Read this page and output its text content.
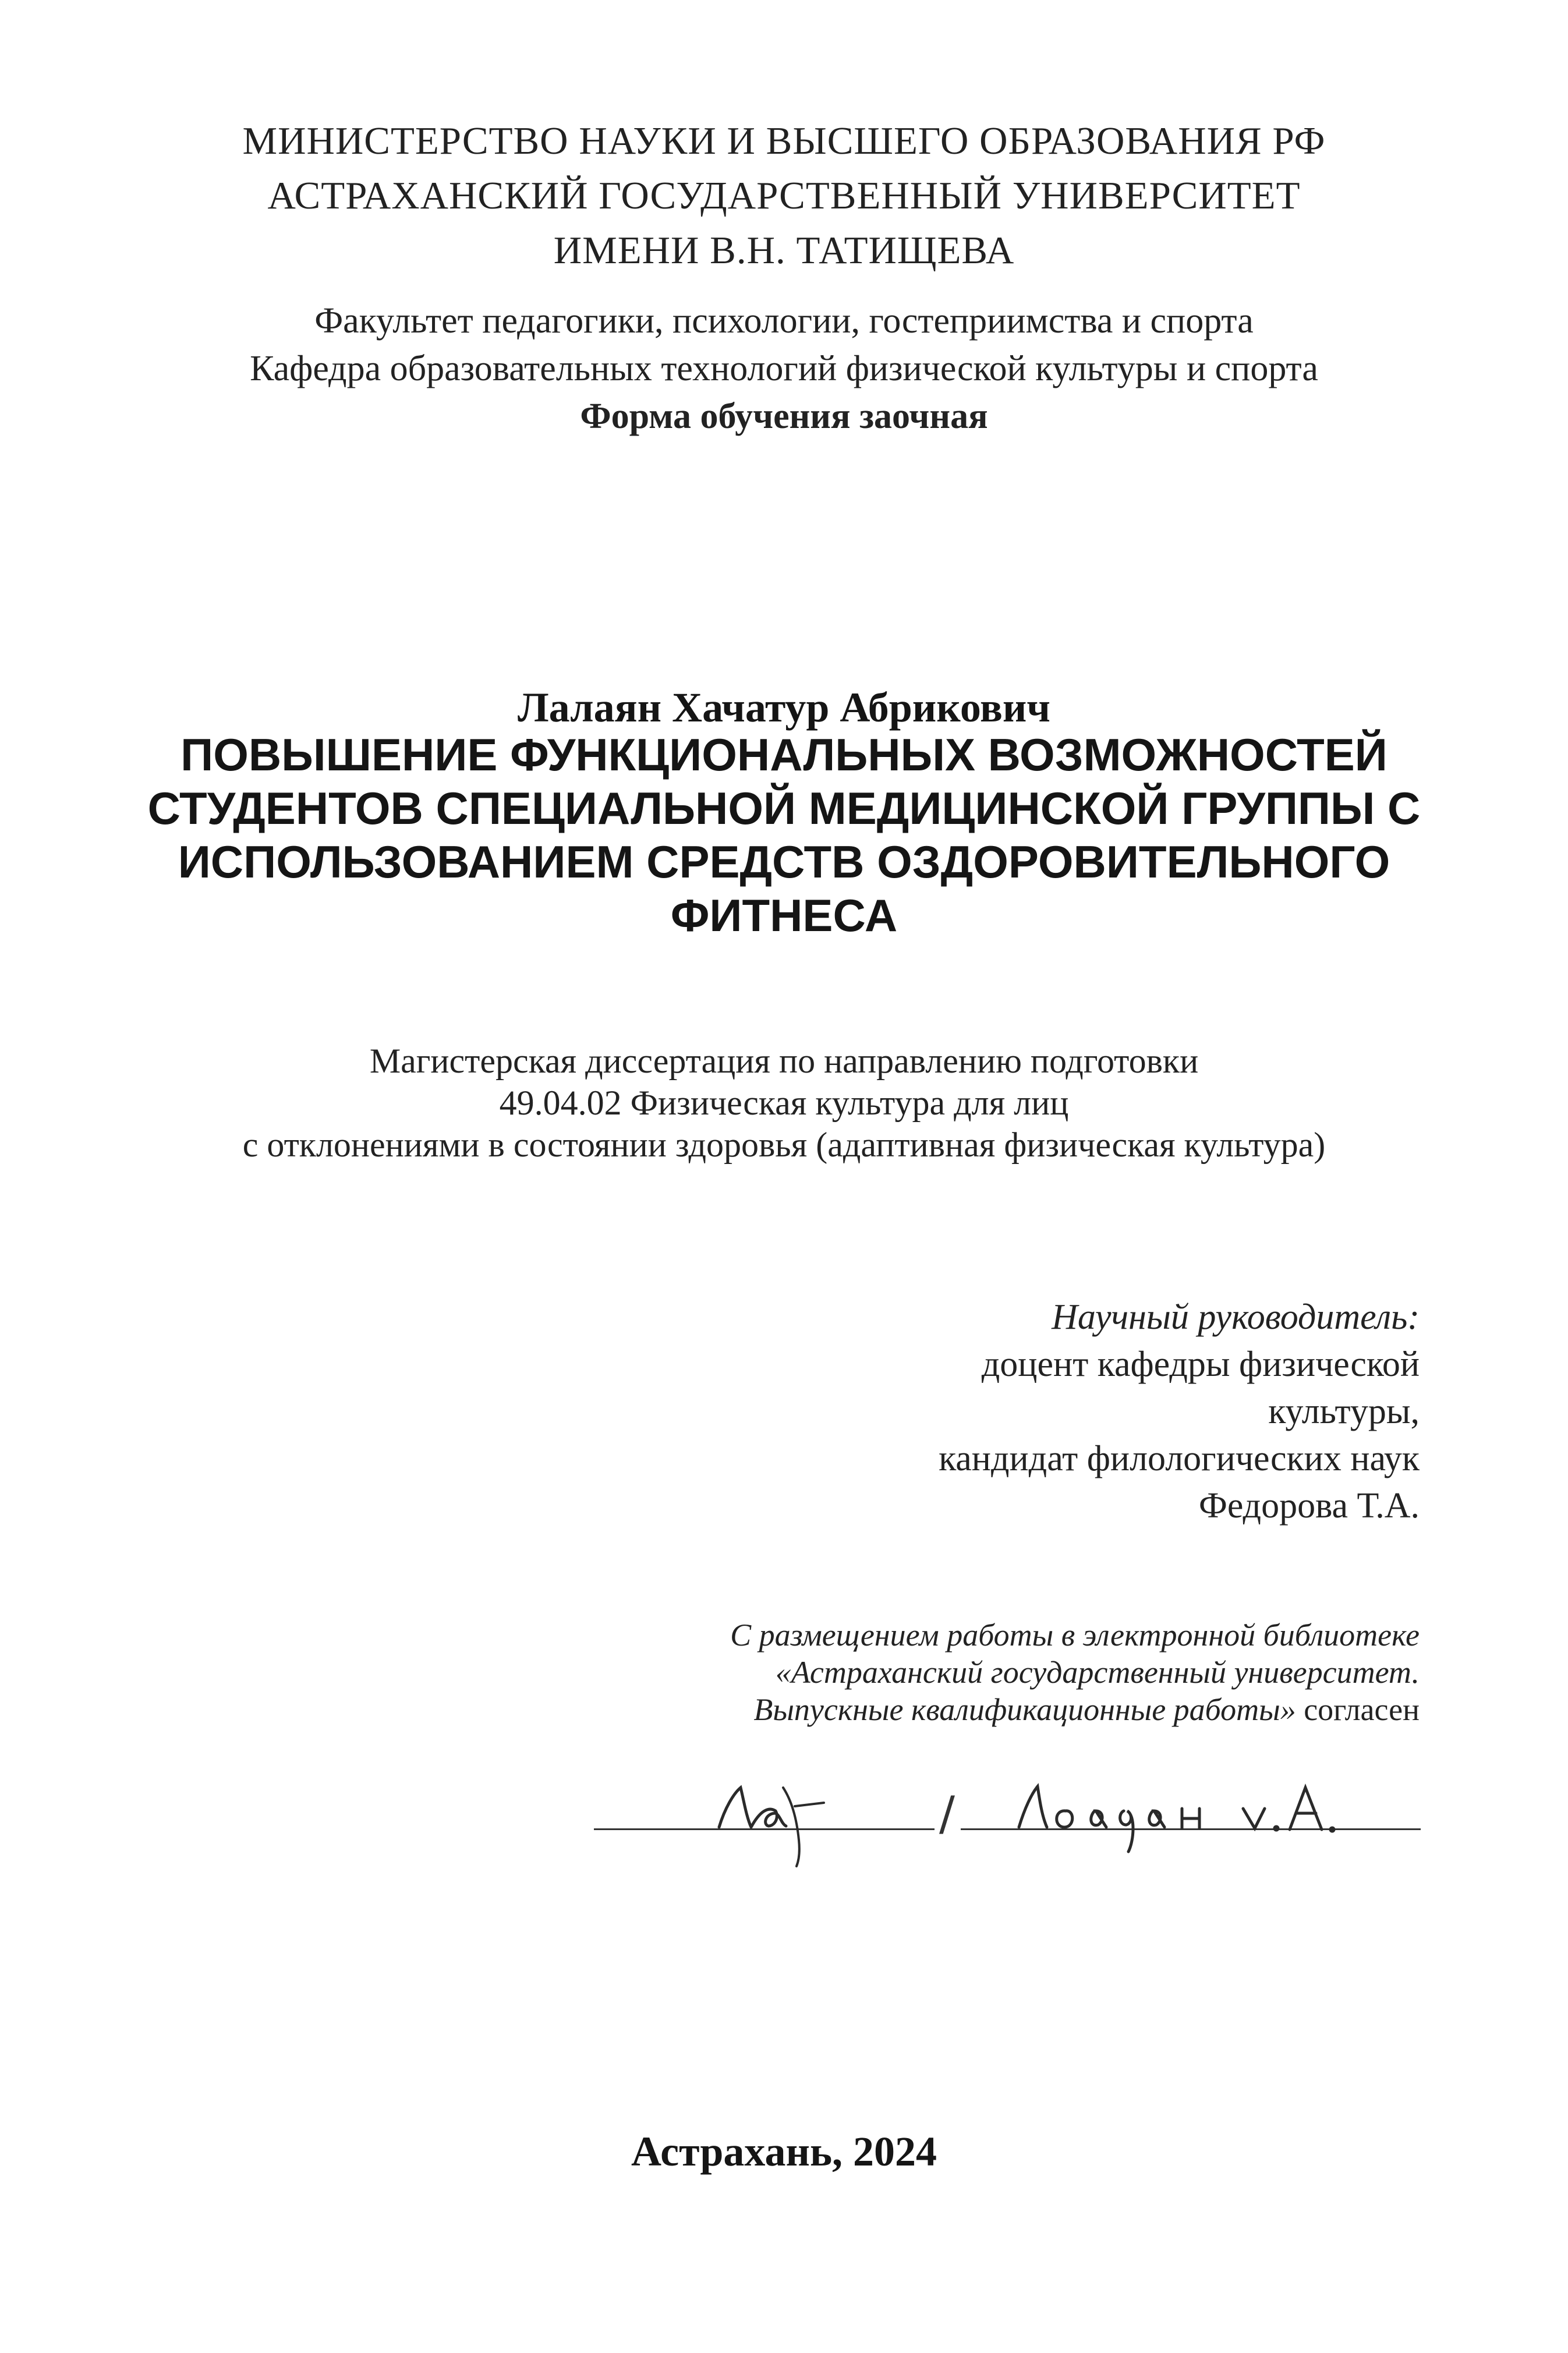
МИНИСТЕРСТВО НАУКИ И ВЫСШЕГО ОБРАЗОВАНИЯ РФ
АСТРАХАНСКИЙ ГОСУДАРСТВЕННЫЙ УНИВЕРСИТЕТ
ИМЕНИ В.Н. ТАТИЩЕВА
Факультет педагогики, психологии, гостеприимства и спорта
Кафедра образовательных технологий физической культуры и спорта
Форма обучения заочная
Лалаян Хачатур Абрикович
ПОВЫШЕНИЕ ФУНКЦИОНАЛЬНЫХ ВОЗМОЖНОСТЕЙ
СТУДЕНТОВ СПЕЦИАЛЬНОЙ МЕДИЦИНСКОЙ ГРУППЫ С
ИСПОЛЬЗОВАНИЕМ СРЕДСТВ ОЗДОРОВИТЕЛЬНОГО
ФИТНЕСА
Магистерская диссертация по направлению подготовки
49.04.02 Физическая культура для лиц
с отклонениями в состоянии здоровья (адаптивная физическая культура)
Научный руководитель:
доцент кафедры физической
культуры,
кандидат филологических наук
Федорова Т.А.
С размещением работы в электронной библиотеке
«Астраханский государственный университет.
Выпускные квалификационные работы» согласен
/
Астрахань, 2024
